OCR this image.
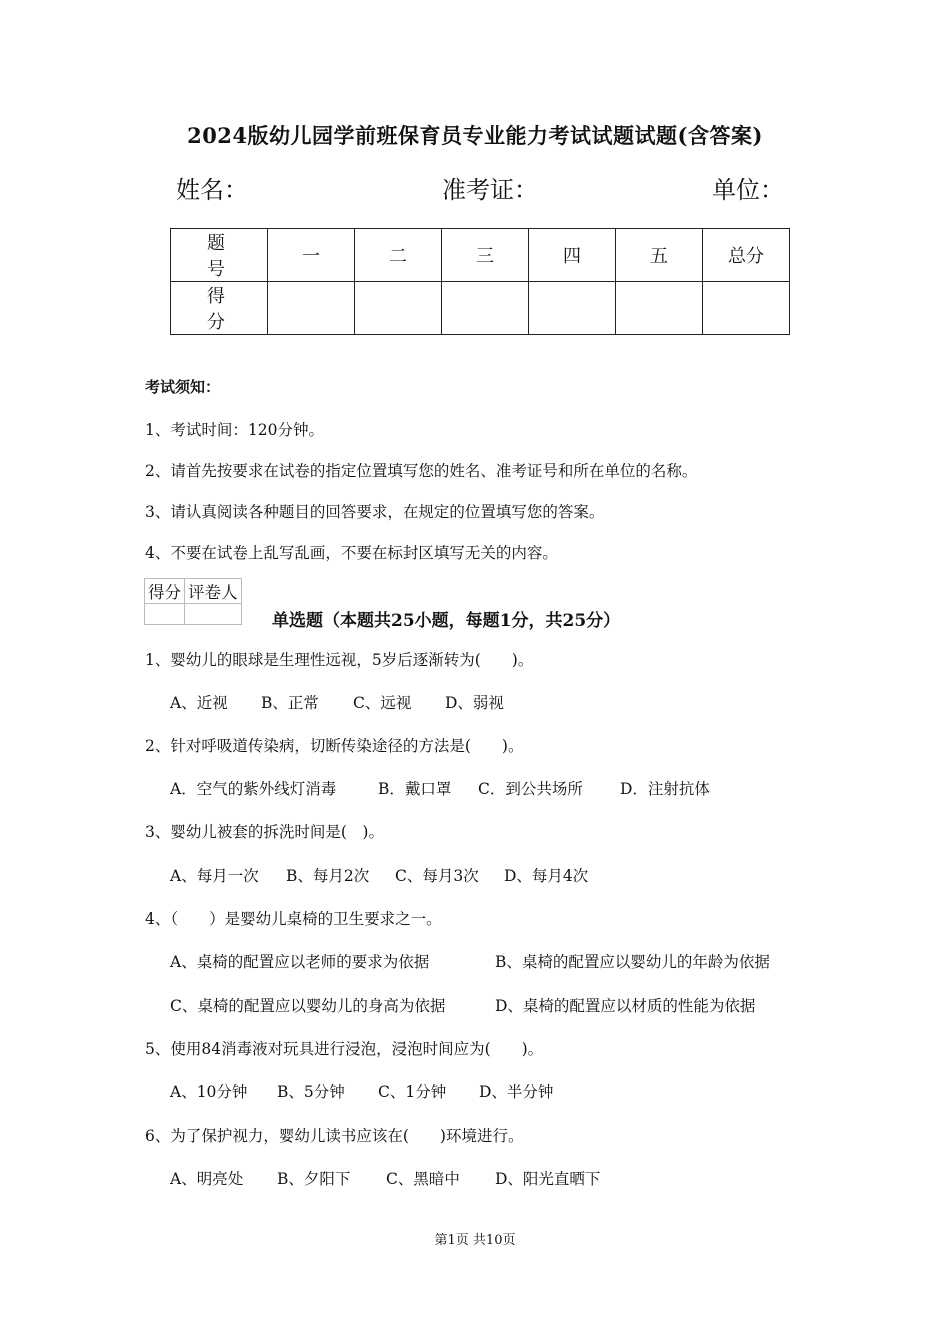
2024版幼儿园学前班保育员专业能力考试试题试题(含答案)
姓名：	准考证：	单位：
题　号	一	二	三	四	五	总分
得　分						
考试须知：
1、考试时间：120分钟。
2、请首先按要求在试卷的指定位置填写您的姓名、准考证号和所在单位的名称。
3、请认真阅读各种题目的回答要求，在规定的位置填写您的答案。
4、不要在试卷上乱写乱画，不要在标封区填写无关的内容。
得分	评卷人

单选题（本题共25小题，每题1分，共25分）
1、婴幼儿的眼球是生理性远视，5岁后逐渐转为(　　)。
A、近视 B、正常 C、远视 D、弱视
2、针对呼吸道传染病，切断传染途径的方法是(　　)。
A．空气的紫外线灯消毒	B．戴口罩 C．到公共场所 D．注射抗体
3、婴幼儿被套的拆洗时间是(　)。
A、每月一次 B、每月2次 C、每月3次 D、每月4次
4、（　　）是婴幼儿桌椅的卫生要求之一。
A、桌椅的配置应以老师的要求为依据	B、桌椅的配置应以婴幼儿的年龄为依据
C、桌椅的配置应以婴幼儿的身高为依据	D、桌椅的配置应以材质的性能为依据
5、使用84消毒液对玩具进行浸泡，浸泡时间应为(　　)。
A、10分钟 B、5分钟 C、1分钟 D、半分钟
6、为了保护视力，婴幼儿读书应该在(　　)环境进行。
A、明亮处 B、夕阳下 C、黑暗中 D、阳光直晒下
第1页 共10页
